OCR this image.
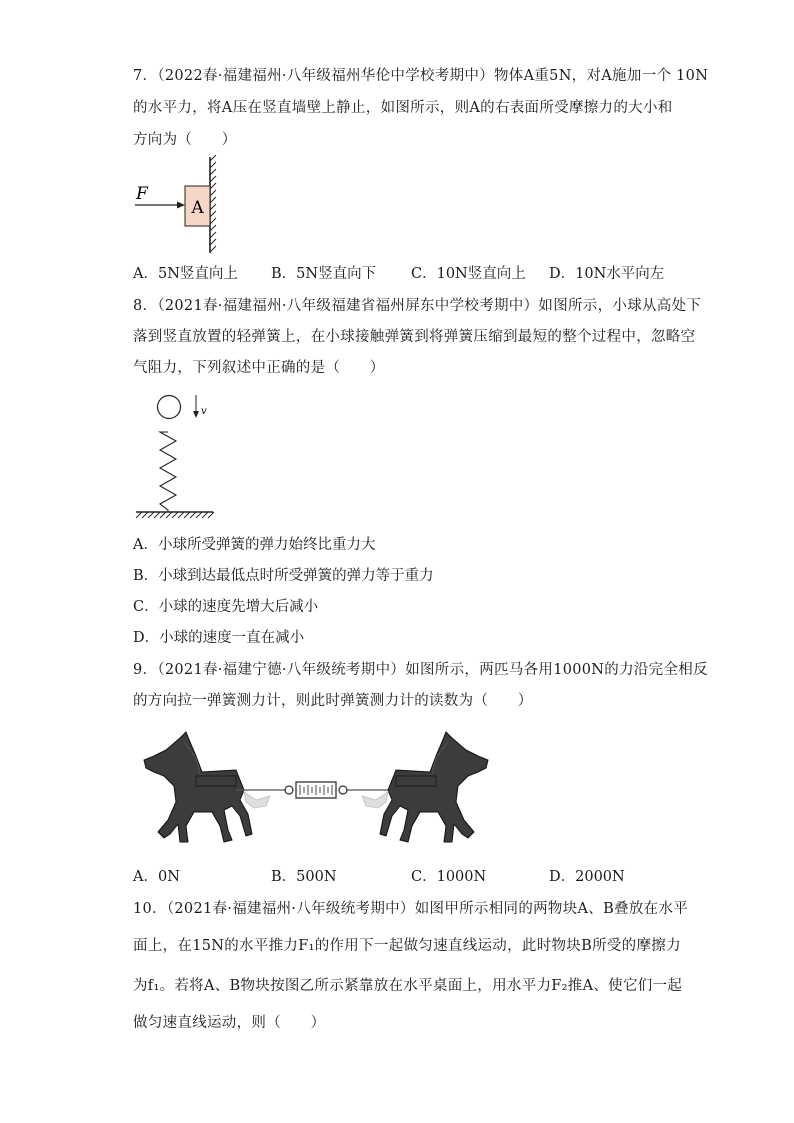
7．（2022春·福建福州·八年级福州华伦中学校考期中）物体A重5N，对A施加一个 10N
的水平力，将A压在竖直墙壁上静止，如图所示，则A的右表面所受摩擦力的大小和
方向为（　　）
A
F
A．5N竖直向上 B．5N竖直向下 C．10N竖直向上 D．10N水平向左
8．（2021春·福建福州·八年级福建省福州屏东中学校考期中）如图所示，小球从高处下
落到竖直放置的轻弹簧上，在小球接触弹簧到将弹簧压缩到最短的整个过程中，忽略空
气阻力，下列叙述中正确的是（　　）
v
A．小球所受弹簧的弹力始终比重力大
B．小球到达最低点时所受弹簧的弹力等于重力
C．小球的速度先增大后减小
D．小球的速度一直在减小
9．（2021春·福建宁德·八年级统考期中）如图所示，两匹马各用1000N的力沿完全相反
的方向拉一弹簧测力计，则此时弹簧测力计的读数为（　　）
A．0N	B．500N	C．1000N	D．2000N
10．（2021春·福建福州·八年级统考期中）如图甲所示相同的两物块A、B叠放在水平
面上，在15N的水平推力F₁的作用下一起做匀速直线运动，此时物块B所受的摩擦力
为f₁。若将A、B物块按图乙所示紧靠放在水平桌面上，用水平力F₂推A、使它们一起
做匀速直线运动，则（　　）
